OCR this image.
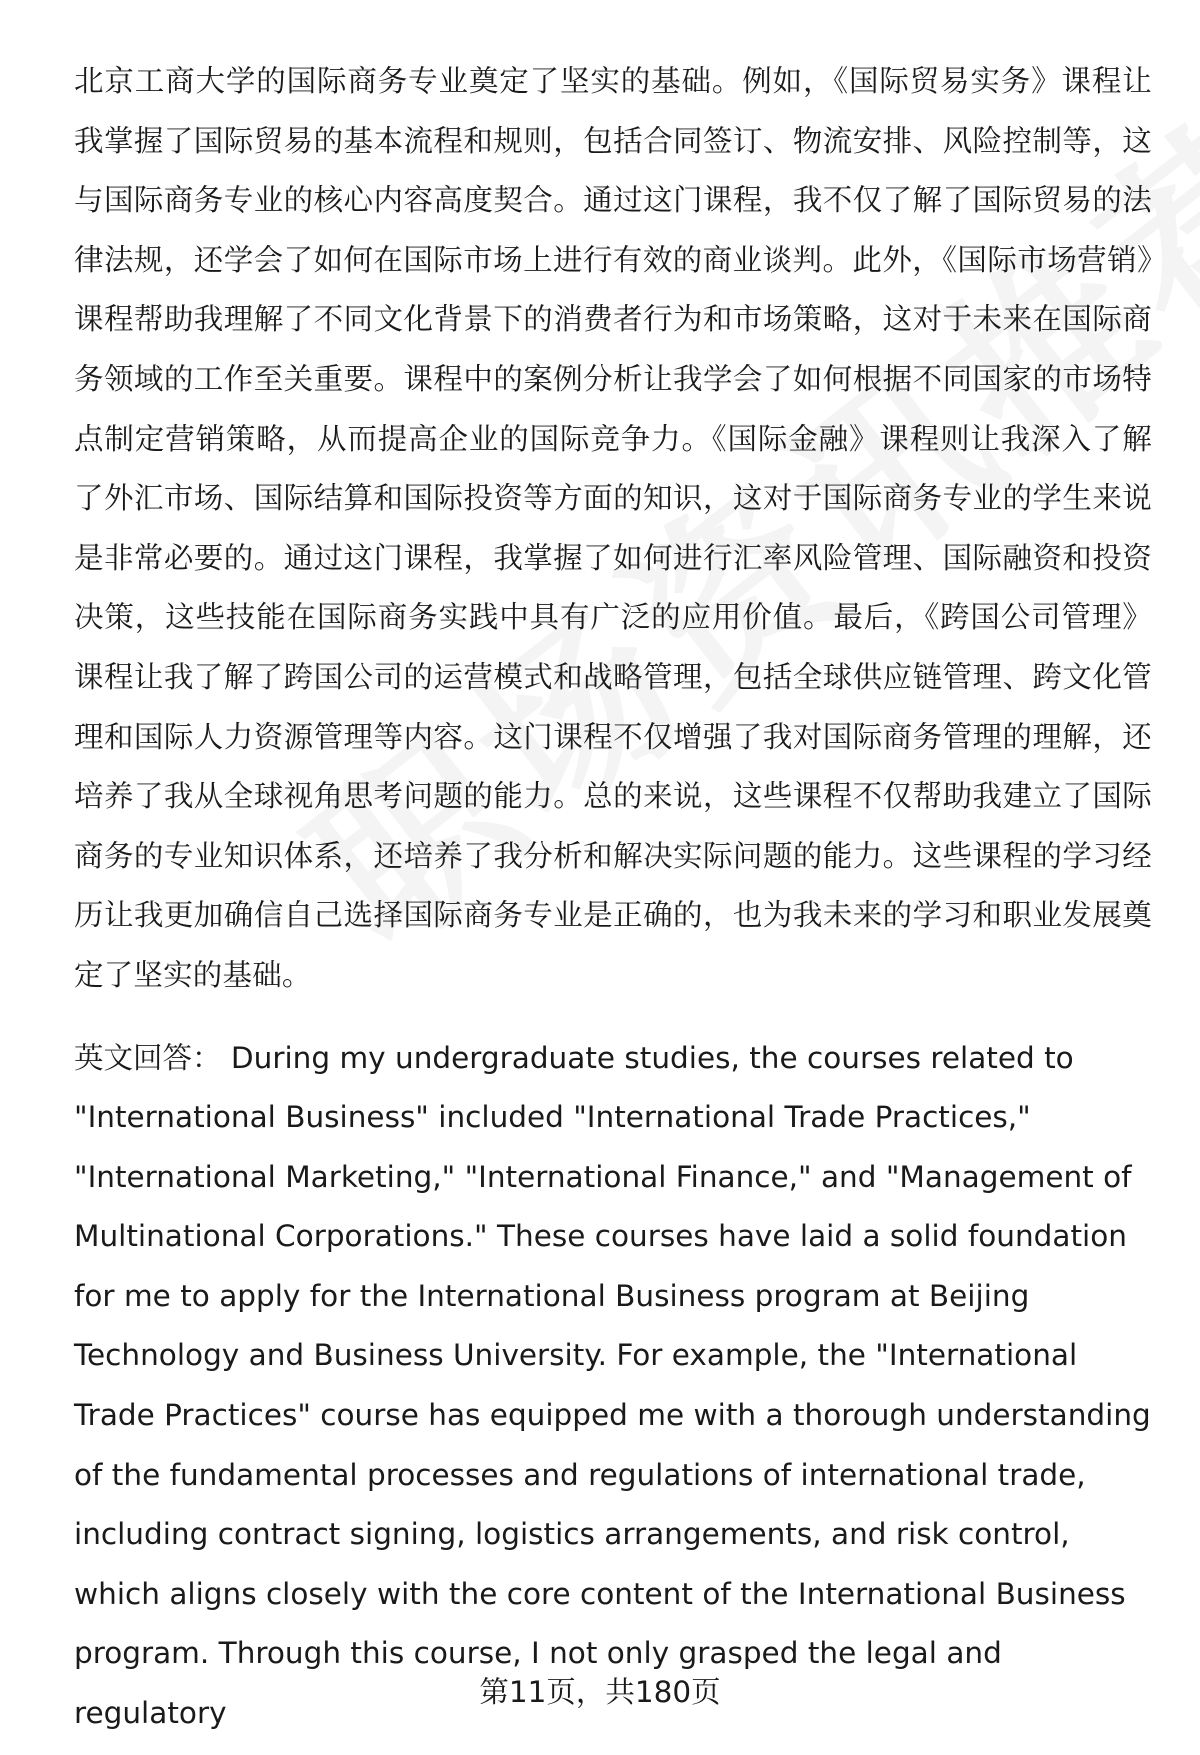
北京工商大学的国际商务专业奠定了坚实的基础。例如，《国际贸易实务》课程让我掌握了国际贸易的基本流程和规则，包括合同签订、物流安排、风险控制等，这与国际商务专业的核心内容高度契合。通过这门课程，我不仅了解了国际贸易的法律法规，还学会了如何在国际市场上进行有效的商业谈判。此外，《国际市场营销》课程帮助我理解了不同文化背景下的消费者行为和市场策略，这对于未来在国际商务领域的工作至关重要。课程中的案例分析让我学会了如何根据不同国家的市场特点制定营销策略，从而提高企业的国际竞争力。《国际金融》课程则让我深入了解了外汇市场、国际结算和国际投资等方面的知识，这对于国际商务专业的学生来说是非常必要的。通过这门课程，我掌握了如何进行汇率风险管理、国际融资和投资决策，这些技能在国际商务实践中具有广泛的应用价值。最后，《跨国公司管理》课程让我了解了跨国公司的运营模式和战略管理，包括全球供应链管理、跨文化管理和国际人力资源管理等内容。这门课程不仅增强了我对国际商务管理的理解，还培养了我从全球视角思考问题的能力。总的来说，这些课程不仅帮助我建立了国际商务的专业知识体系，还培养了我分析和解决实际问题的能力。这些课程的学习经历让我更加确信自己选择国际商务专业是正确的，也为我未来的学习和职业发展奠定了坚实的基础。

英文回答： During my undergraduate studies, the courses related to "International Business" included "International Trade Practices," "International Marketing," "International Finance," and "Management of Multinational Corporations." These courses have laid a solid foundation for me to apply for the International Business program at Beijing Technology and Business University. For example, the "International Trade Practices" course has equipped me with a thorough understanding of the fundamental processes and regulations of international trade, including contract signing, logistics arrangements, and risk control, which aligns closely with the core content of the International Business program. Through this course, I not only grasped the legal and regulatory

第11页，共180页
